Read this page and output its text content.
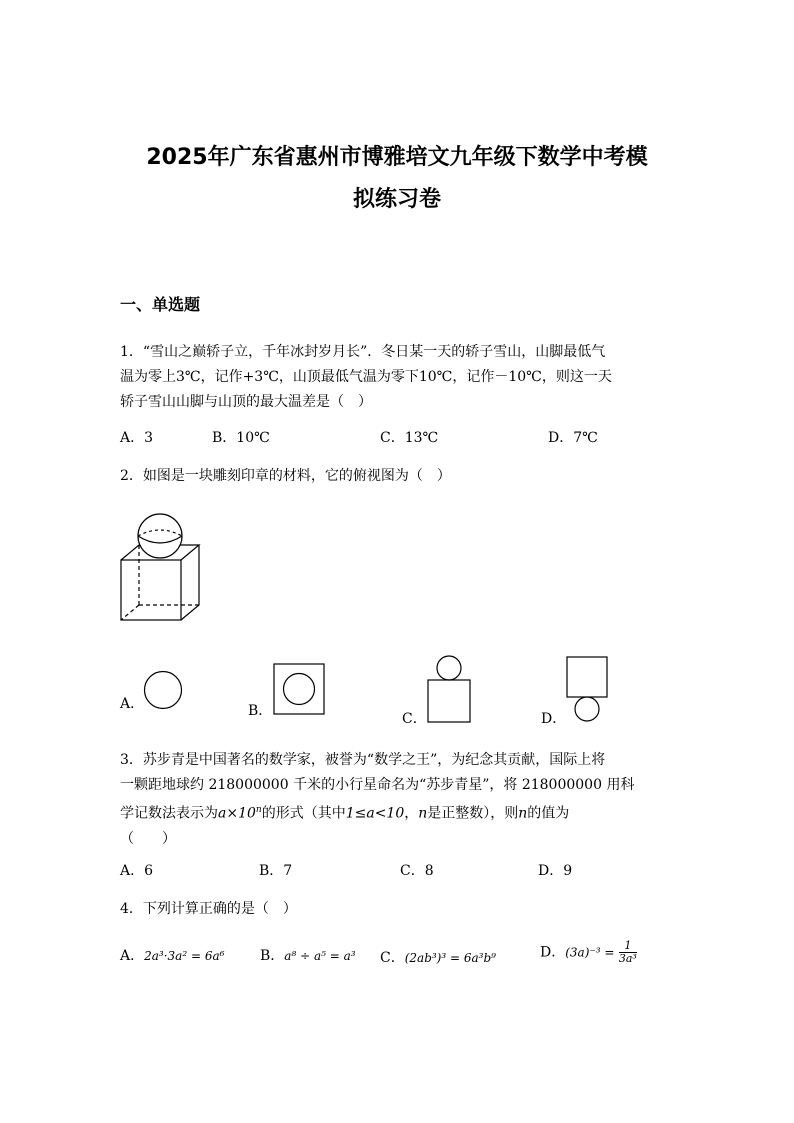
2025年广东省惠州市博雅培文九年级下数学中考模
拟练习卷
一、单选题
1．“雪山之巅轿子立，千年冰封岁月长”．冬日某一天的轿子雪山，山脚最低气
温为零上3℃，记作+3℃，山顶最低气温为零下10℃，记作－10℃，则这一天
轿子雪山山脚与山顶的最大温差是（　）
A．3	B．10℃	C．13℃	D．7℃
2．如图是一块雕刻印章的材料，它的俯视图为（　）
A．	B．	C．	D．
3．苏步青是中国著名的数学家，被誉为“数学之王”，为纪念其贡献，国际上将
一颗距地球约 218000000 千米的小行星命名为“苏步青星”，将 218000000 用科
学记数法表示为$a\times 10^n$的形式（其中1≤a<10，n是正整数），则n的值为
（　　）
A．6	B．7	C．8	D．9
4．下列计算正确的是（　）
A．2a³·3a² = 6a⁶	B．a⁸ ÷ a⁵ = a³ C．(2ab³)³ = 6a³b⁹	D．$(3a)^{-3} = \frac{1}{\text{3a³}}$
